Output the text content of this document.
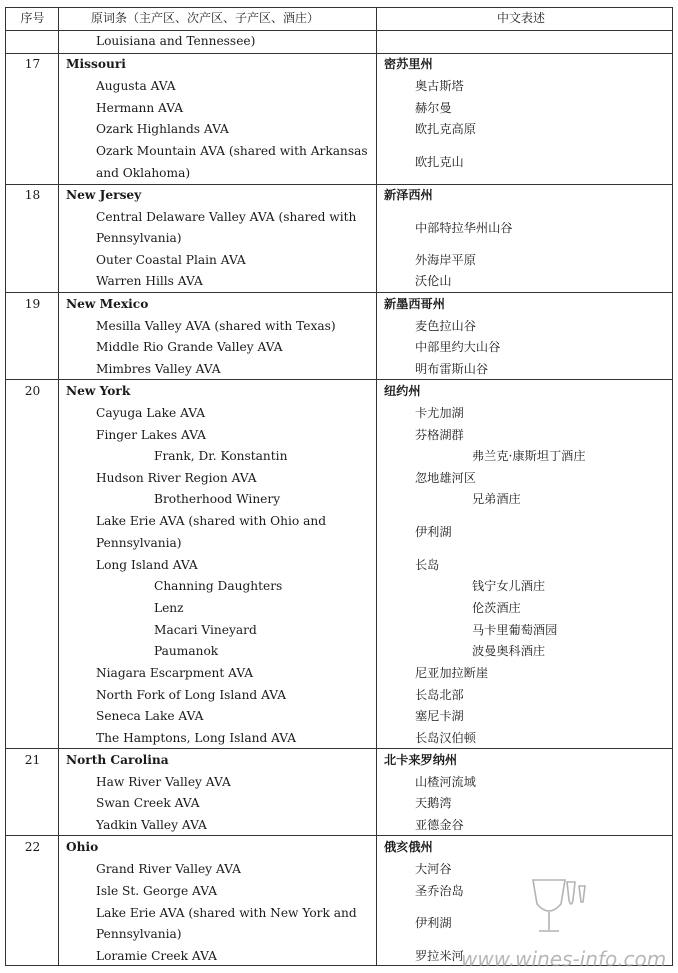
序号	原词条（主产区、次产区、子产区、酒庄）	中文表述
Louisiana and Tennessee)
17	Missouri	密苏里州
Augusta AVA	奥古斯塔
Hermann AVA	赫尔曼
Ozark Highlands AVA	欧扎克高原
Ozark Mountain AVA (shared with Arkansas
and Oklahoma)
欧扎克山
18	New Jersey	新泽西州
Central Delaware Valley AVA (shared with
Pennsylvania)
中部特拉华州山谷
Outer Coastal Plain AVA	外海岸平原
Warren Hills AVA	沃伦山
19	New Mexico	新墨西哥州
Mesilla Valley AVA (shared with Texas)	麦色拉山谷
Middle Rio Grande Valley AVA	中部里约大山谷
Mimbres Valley AVA	明布雷斯山谷
20	New York	纽约州
Cayuga Lake AVA	卡尤加湖
Finger Lakes AVA	芬格湖群
Frank, Dr. Konstantin	弗兰克·康斯坦丁酒庄
Hudson River Region AVA	忽地雄河区
Brotherhood Winery	兄弟酒庄
Lake Erie AVA (shared with Ohio and
Pennsylvania)
伊利湖
Long Island AVA	长岛
Channing Daughters	钱宁女儿酒庄
Lenz	伦茨酒庄
Macari Vineyard	马卡里葡萄酒园
Paumanok	波曼奥科酒庄
Niagara Escarpment AVA	尼亚加拉断崖
North Fork of Long Island AVA	长岛北部
Seneca Lake AVA	塞尼卡湖
The Hamptons, Long Island AVA	长岛汉伯顿
21	North Carolina	北卡来罗纳州
Haw River Valley AVA	山楂河流域
Swan Creek AVA	天鹅湾
Yadkin Valley AVA	亚德金谷
22	Ohio	俄亥俄州
Grand River Valley AVA	大河谷
Isle St. George AVA	圣乔治岛
Lake Erie AVA (shared with New York and
Pennsylvania)
伊利湖
Loramie Creek AVA	罗拉米河
www.wines-info.com
